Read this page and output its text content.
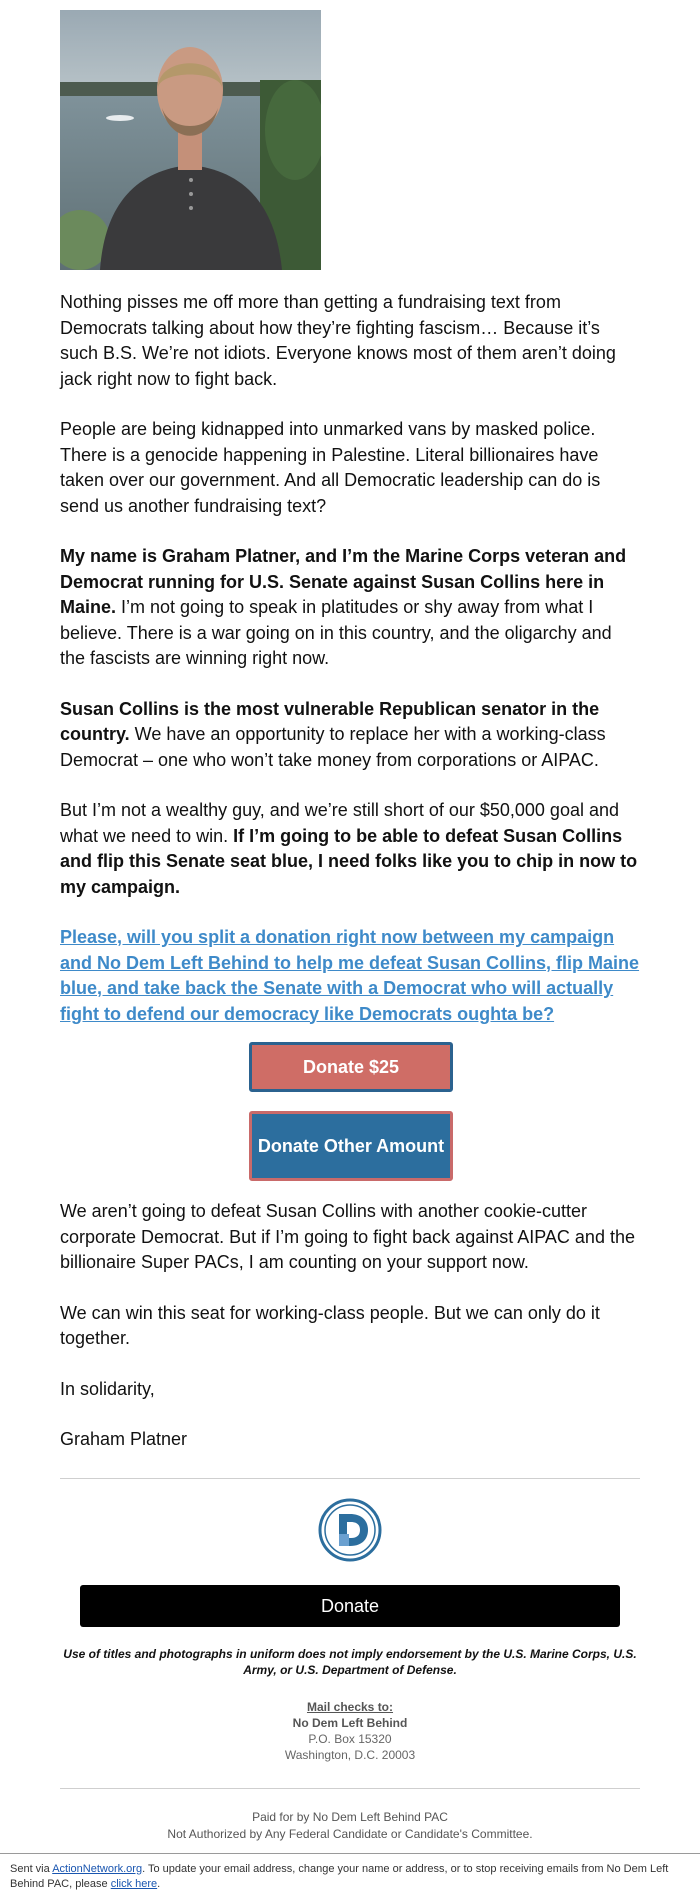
Nothing pisses me off more than getting a fundraising text from Democrats talking about how they’re fighting fascism… Because it’s such B.S. We’re not idiots. Everyone knows most of them aren’t doing jack right now to fight back.

People are being kidnapped into unmarked vans by masked police. There is a genocide happening in Palestine. Literal billionaires have taken over our government. And all Democratic leadership can do is send us another fundraising text?

My name is Graham Platner, and I’m the Marine Corps veteran and Democrat running for U.S. Senate against Susan Collins here in Maine. I’m not going to speak in platitudes or shy away from what I believe. There is a war going on in this country, and the oligarchy and the fascists are winning right now.

Susan Collins is the most vulnerable Republican senator in the country. We have an opportunity to replace her with a working-class Democrat – one who won’t take money from corporations or AIPAC.

But I’m not a wealthy guy, and we’re still short of our $50,000 goal and what we need to win. If I’m going to be able to defeat Susan Collins and flip this Senate seat blue, I need folks like you to chip in now to my campaign.

Please, will you split a donation right now between my campaign and No Dem Left Behind to help me defeat Susan Collins, flip Maine blue, and take back the Senate with a Democrat who will actually fight to defend our democracy like Democrats oughta be?

Donate $25
Donate Other Amount

We aren’t going to defeat Susan Collins with another cookie-cutter corporate Democrat. But if I’m going to fight back against AIPAC and the billionaire Super PACs, I am counting on your support now.

We can win this seat for working-class people. But we can only do it together.

In solidarity,

Graham Platner

Donate
Use of titles and photographs in uniform does not imply endorsement by the U.S. Marine Corps, U.S. Army, or U.S. Department of Defense.
Mail checks to:
No Dem Left Behind
P.O. Box 15320
Washington, D.C. 20003
Paid for by No Dem Left Behind PAC
Not Authorized by Any Federal Candidate or Candidate's Committee.
Sent via ActionNetwork.org. To update your email address, change your name or address, or to stop receiving emails from No Dem Left Behind PAC, please click here.
